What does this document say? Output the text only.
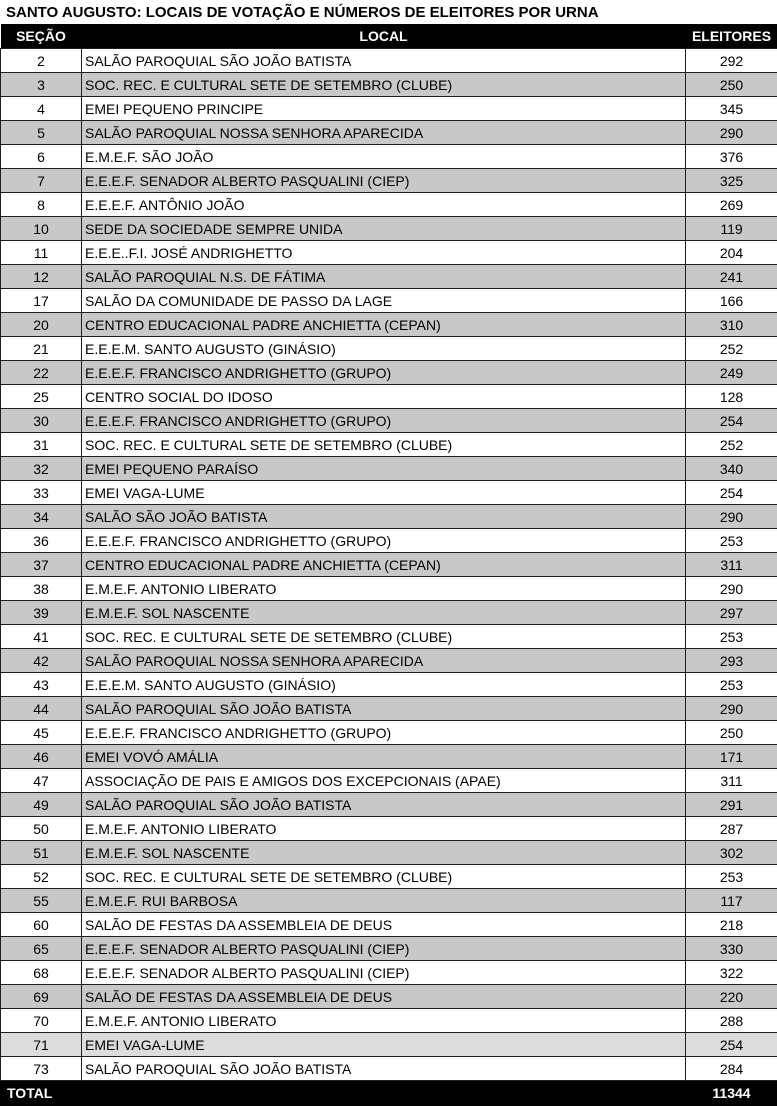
SANTO AUGUSTO: LOCAIS DE VOTAÇÃO E NÚMEROS DE ELEITORES POR URNA
SEÇÃO	LOCAL	ELEITORES
2	SALÃO PAROQUIAL SÃO JOÃO BATISTA	292
3	SOC. REC. E CULTURAL SETE DE SETEMBRO (CLUBE)	250
4	EMEI PEQUENO PRINCIPE	345
5	SALÃO PAROQUIAL NOSSA SENHORA APARECIDA	290
6	E.M.E.F. SÃO JOÃO	376
7	E.E.E.F. SENADOR ALBERTO PASQUALINI (CIEP)	325
8	E.E.E.F. ANTÔNIO JOÃO	269
10	SEDE DA SOCIEDADE SEMPRE UNIDA	119
11	E.E.E..F.I. JOSÉ ANDRIGHETTO	204
12	SALÃO PAROQUIAL N.S. DE FÁTIMA	241
17	SALÃO DA COMUNIDADE DE PASSO DA LAGE	166
20	CENTRO EDUCACIONAL PADRE ANCHIETTA (CEPAN)	310
21	E.E.E.M. SANTO AUGUSTO (GINÁSIO)	252
22	E.E.E.F. FRANCISCO ANDRIGHETTO (GRUPO)	249
25	CENTRO SOCIAL DO IDOSO	128
30	E.E.E.F. FRANCISCO ANDRIGHETTO (GRUPO)	254
31	SOC. REC. E CULTURAL SETE DE SETEMBRO (CLUBE)	252
32	EMEI PEQUENO PARAÍSO	340
33	EMEI VAGA-LUME	254
34	SALÃO SÃO JOÃO BATISTA	290
36	E.E.E.F. FRANCISCO ANDRIGHETTO (GRUPO)	253
37	CENTRO EDUCACIONAL PADRE ANCHIETTA (CEPAN)	311
38	E.M.E.F. ANTONIO LIBERATO	290
39	E.M.E.F. SOL NASCENTE	297
41	SOC. REC. E CULTURAL SETE DE SETEMBRO (CLUBE)	253
42	SALÃO PAROQUIAL NOSSA SENHORA APARECIDA	293
43	E.E.E.M. SANTO AUGUSTO (GINÁSIO)	253
44	SALÃO PAROQUIAL SÃO JOÃO BATISTA	290
45	E.E.E.F. FRANCISCO ANDRIGHETTO (GRUPO)	250
46	EMEI VOVÓ AMÁLIA	171
47	ASSOCIAÇÃO DE PAIS E AMIGOS DOS EXCEPCIONAIS (APAE)	311
49	SALÃO PAROQUIAL SÃO JOÃO BATISTA	291
50	E.M.E.F. ANTONIO LIBERATO	287
51	E.M.E.F. SOL NASCENTE	302
52	SOC. REC. E CULTURAL SETE DE SETEMBRO (CLUBE)	253
55	E.M.E.F. RUI BARBOSA	117
60	SALÃO DE FESTAS DA ASSEMBLEIA DE DEUS	218
65	E.E.E.F. SENADOR ALBERTO PASQUALINI (CIEP)	330
68	E.E.E.F. SENADOR ALBERTO PASQUALINI (CIEP)	322
69	SALÃO DE FESTAS DA ASSEMBLEIA DE DEUS	220
70	E.M.E.F. ANTONIO LIBERATO	288
71	EMEI VAGA-LUME	254
73	SALÃO PAROQUIAL SÃO JOÃO BATISTA	284
TOTAL		11344
